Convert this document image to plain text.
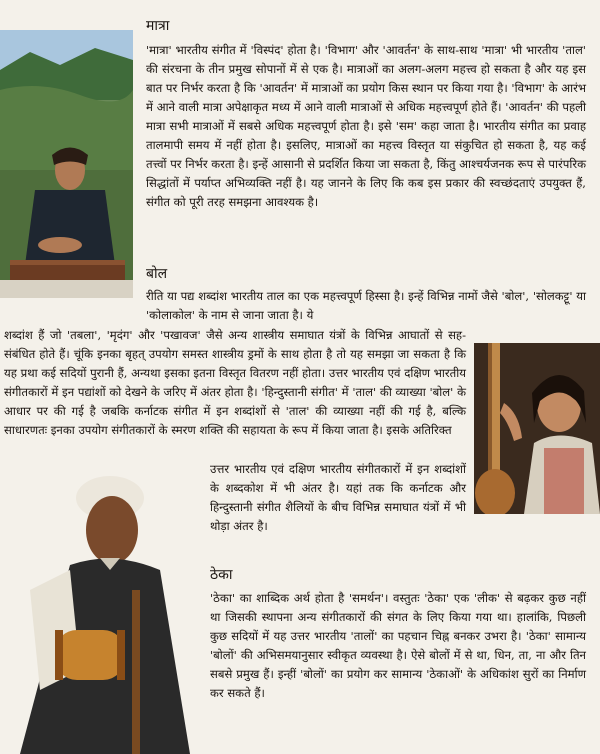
मात्रा

'मात्रा' भारतीय संगीत में 'विस्पंद' होता है। 'विभाग' और 'आवर्तन' के साथ-साथ 'मात्रा' भी भारतीय 'ताल' की संरचना के तीन प्रमुख सोपानों में से एक है। मात्राओं का अलग-अलग महत्त्व हो सकता है और यह इस बात पर निर्भर करता है कि 'आवर्तन' में मात्राओं का प्रयोग किस स्थान पर किया गया है। 'विभाग' के आरंभ में आने वाली मात्रा अपेक्षाकृत मध्य में आने वाली मात्राओं से अधिक महत्त्वपूर्ण होते हैं। 'आवर्तन' की पहली मात्रा सभी मात्राओं में सबसे अधिक महत्त्वपूर्ण होता है। इसे 'सम' कहा जाता है। भारतीय संगीत का प्रवाह तालमापी समय में नहीं होता है। इसलिए, मात्राओं का महत्त्व विस्तृत या संकुचित हो सकता है, यह कई तत्त्वों पर निर्भर करता है। इन्हें आसानी से प्रदर्शित किया जा सकता है, किंतु आश्चर्यजनक रूप से पारंपरिक सिद्धांतों में पर्याप्त अभिव्यक्ति नहीं है। यह जानने के लिए कि कब इस प्रकार की स्वच्छंदताएं उपयुक्त हैं, संगीत को पूरी तरह समझना आवश्यक है।

बोल

रीति या पद्य शब्दांश भारतीय ताल का एक महत्त्वपूर्ण हिस्सा है। इन्हें विभिन्न नामों जैसे 'बोल', 'सोलकट्टू' या 'कोलाकोल' के नाम से जाना जाता है। ये

शब्दांश हैं जो 'तबला', 'मृदंग' और 'पखावज' जैसे अन्य शास्त्रीय समाघात यंत्रों के विभिन्न आघातों से सह-संबंधित होते हैं। चूंकि इनका बृहत् उपयोग समस्त शास्त्रीय ड्रमों के साथ होता है तो यह समझा जा सकता है कि यह प्रथा कई सदियों पुरानी हैं, अन्यथा इसका इतना विस्तृत वितरण नहीं होता। उत्तर भारतीय एवं दक्षिण भारतीय संगीतकारों में इन पद्यांशों को देखने के जरिए में अंतर होता है। 'हिन्दुस्तानी संगीत' में 'ताल' की व्याख्या 'बोल' के आधार पर की गई है जबकि कर्नाटक संगीत में इन शब्दांशों से 'ताल' की व्याख्या नहीं की गई है, बल्कि साधारणतः इनका उपयोग संगीतकारों के स्मरण शक्ति की सहायता के रूप में किया जाता है। इसके अतिरिक्त

उत्तर भारतीय एवं दक्षिण भारतीय संगीतकारों में इन शब्दांशों के शब्दकोश में भी अंतर है। यहां तक कि कर्नाटक और हिन्दुस्तानी संगीत शैलियों के बीच विभिन्न समाघात यंत्रों में भी थोड़ा अंतर है।

ठेका

'ठेका' का शाब्दिक अर्थ होता है 'समर्थन'। वस्तुतः 'ठेका' एक 'लीक' से बढ़कर कुछ नहीं था जिसकी स्थापना अन्य संगीतकारों की संगत के लिए किया गया था। हालांकि, पिछली कुछ सदियों में यह उत्तर भारतीय 'तालों' का पहचान चिह्न बनकर उभरा है। 'ठेका' सामान्य 'बोलों' की अभिसमयानुसार स्वीकृत व्यवस्था है। ऐसे बोलों में से था, धिन, ता, ना और तिन सबसे प्रमुख हैं। इन्हीं 'बोलों' का प्रयोग कर सामान्य 'ठेकाओं' के अधिकांश सुरों का निर्माण कर सकते हैं।
